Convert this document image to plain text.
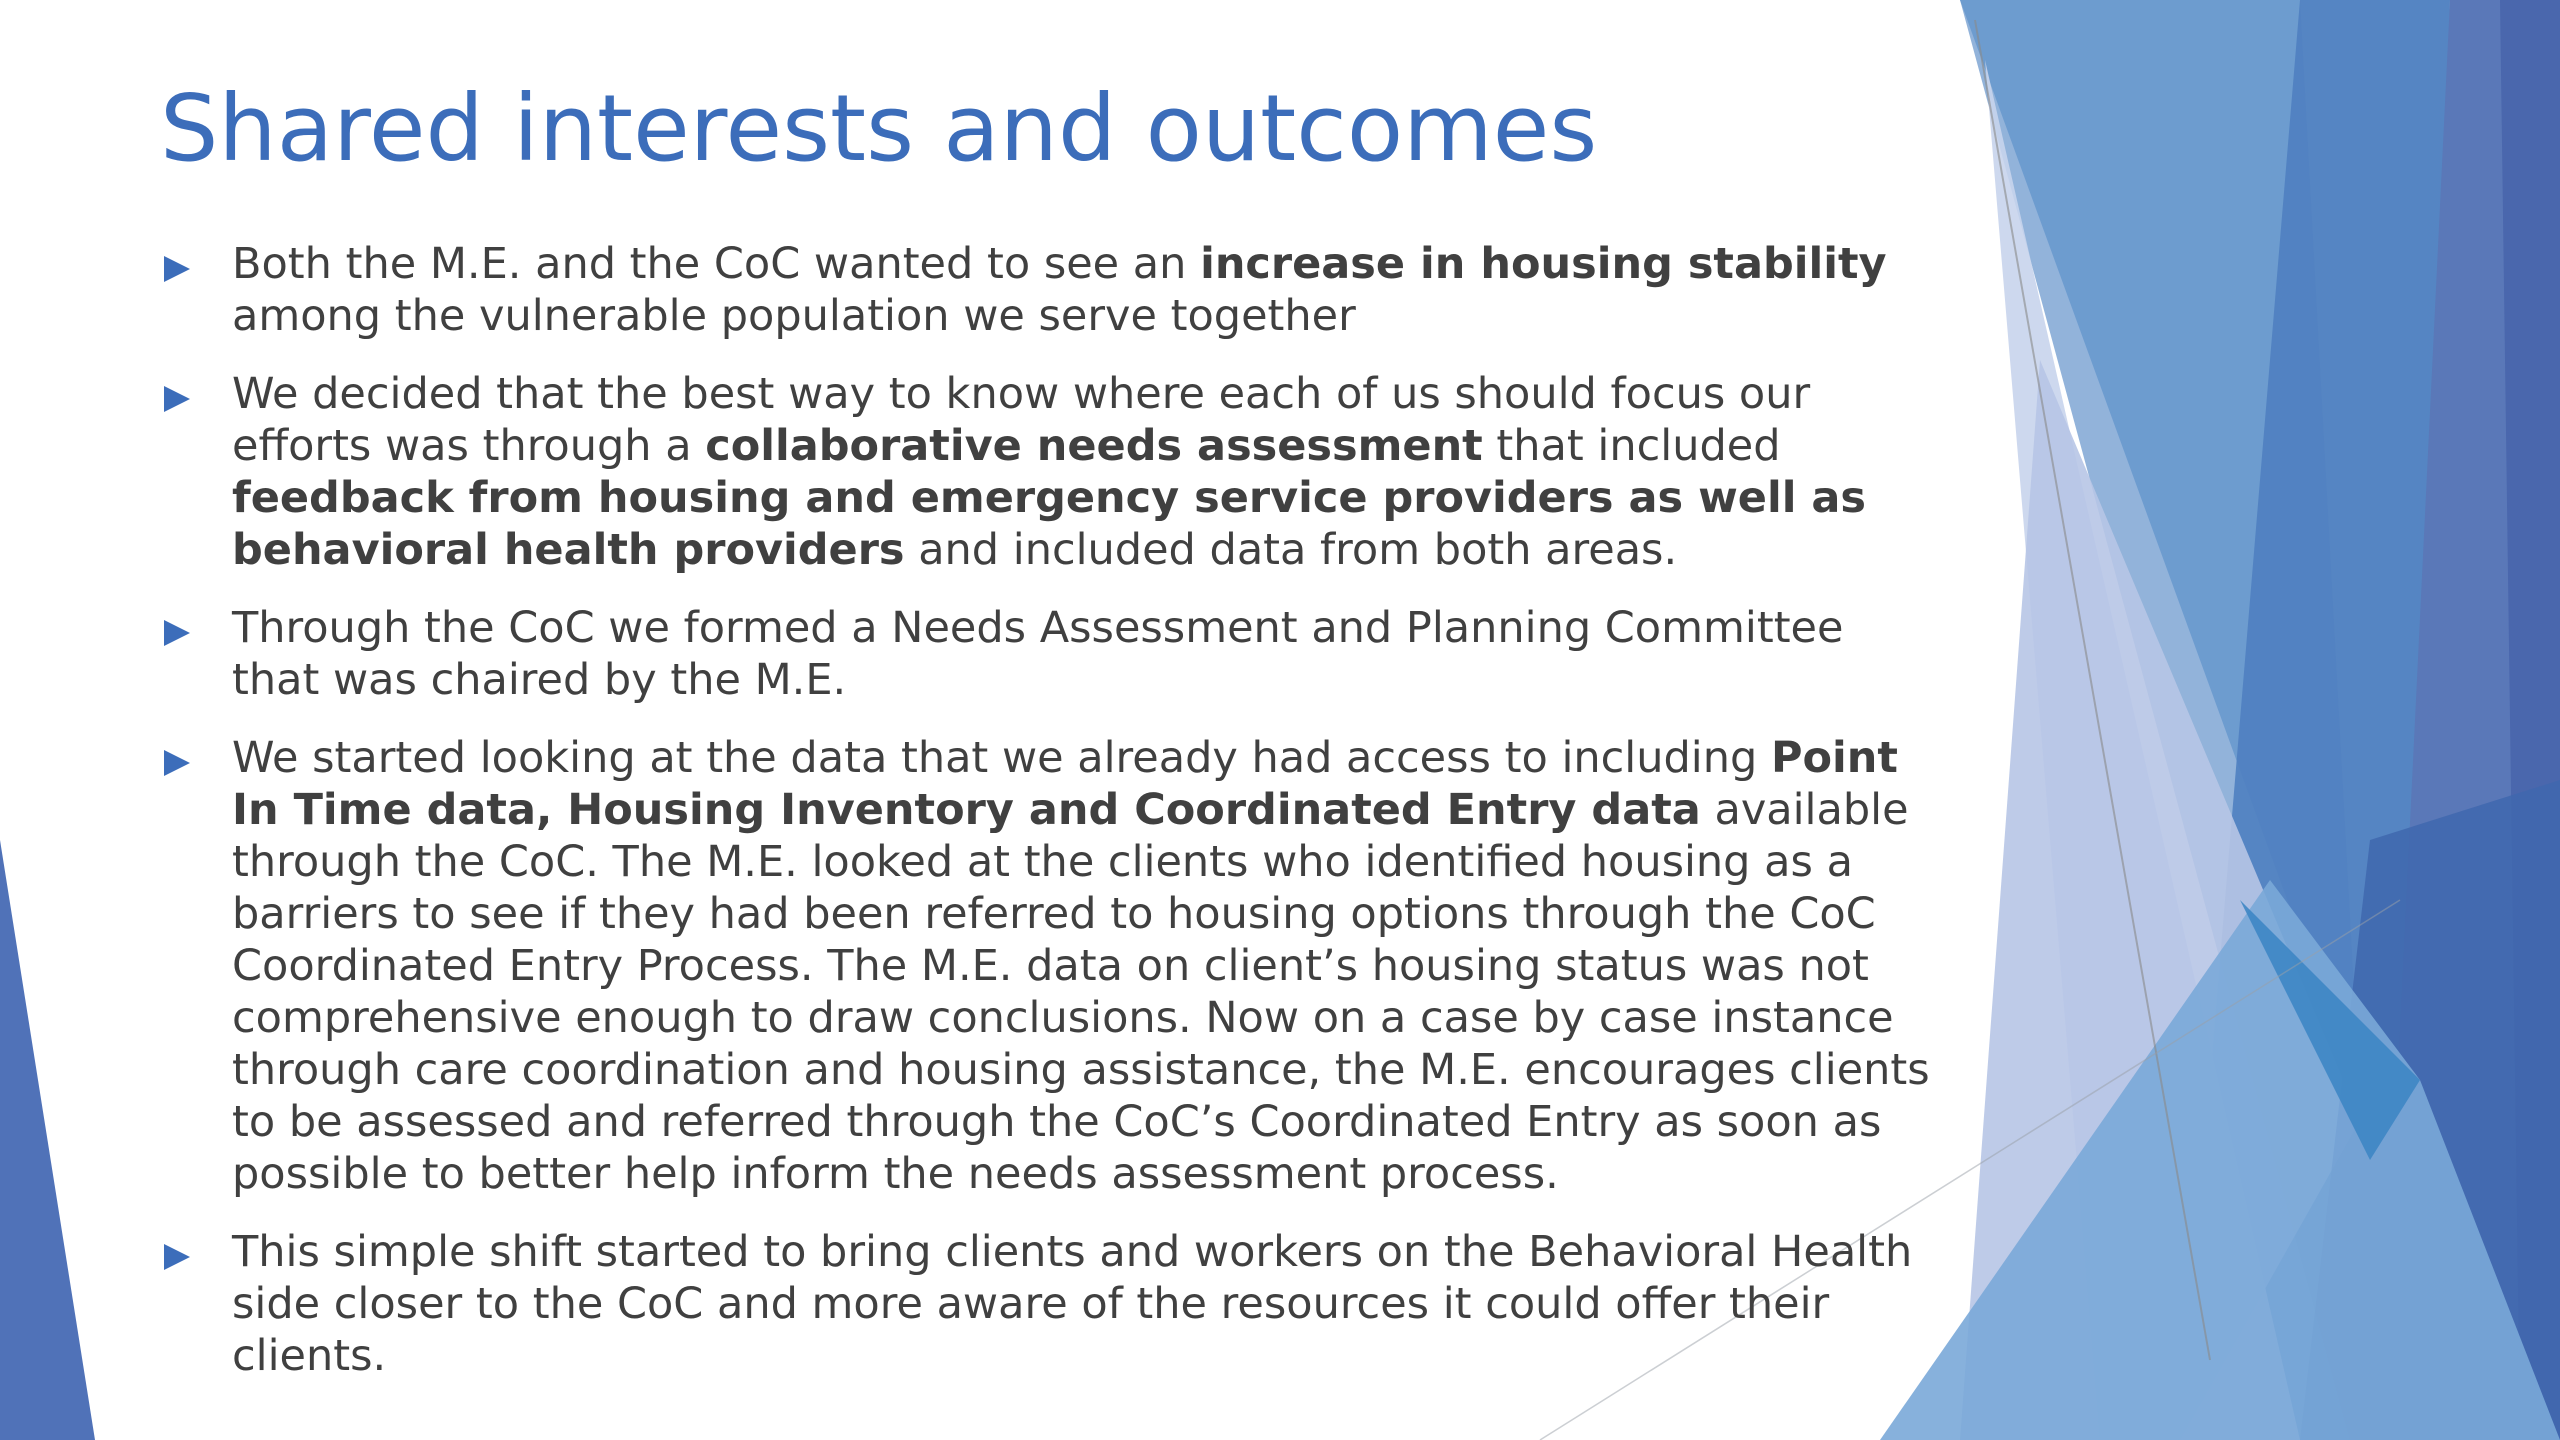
Shared interests and outcomes
Both the M.E. and the CoC wanted to see an increase in housing stability among the vulnerable population we serve together
We decided that the best way to know where each of us should focus our efforts was through a collaborative needs assessment that included feedback from housing and emergency service providers as well as behavioral health providers and included data from both areas.
Through the CoC we formed a Needs Assessment and Planning Committee that was chaired by the M.E.
We started looking at the data that we already had access to including Point In Time data, Housing Inventory and Coordinated Entry data available through the CoC. The M.E. looked at the clients who identified housing as a barriers to see if they had been referred to housing options through the CoC Coordinated Entry Process. The M.E. data on client’s housing status was not comprehensive enough to draw conclusions. Now on a case by case instance through care coordination and housing assistance, the M.E. encourages clients to be assessed and referred through the CoC’s Coordinated Entry as soon as possible to better help inform the needs assessment process.
This simple shift started to bring clients and workers on the Behavioral Health side closer to the CoC and more aware of the resources it could offer their clients.
